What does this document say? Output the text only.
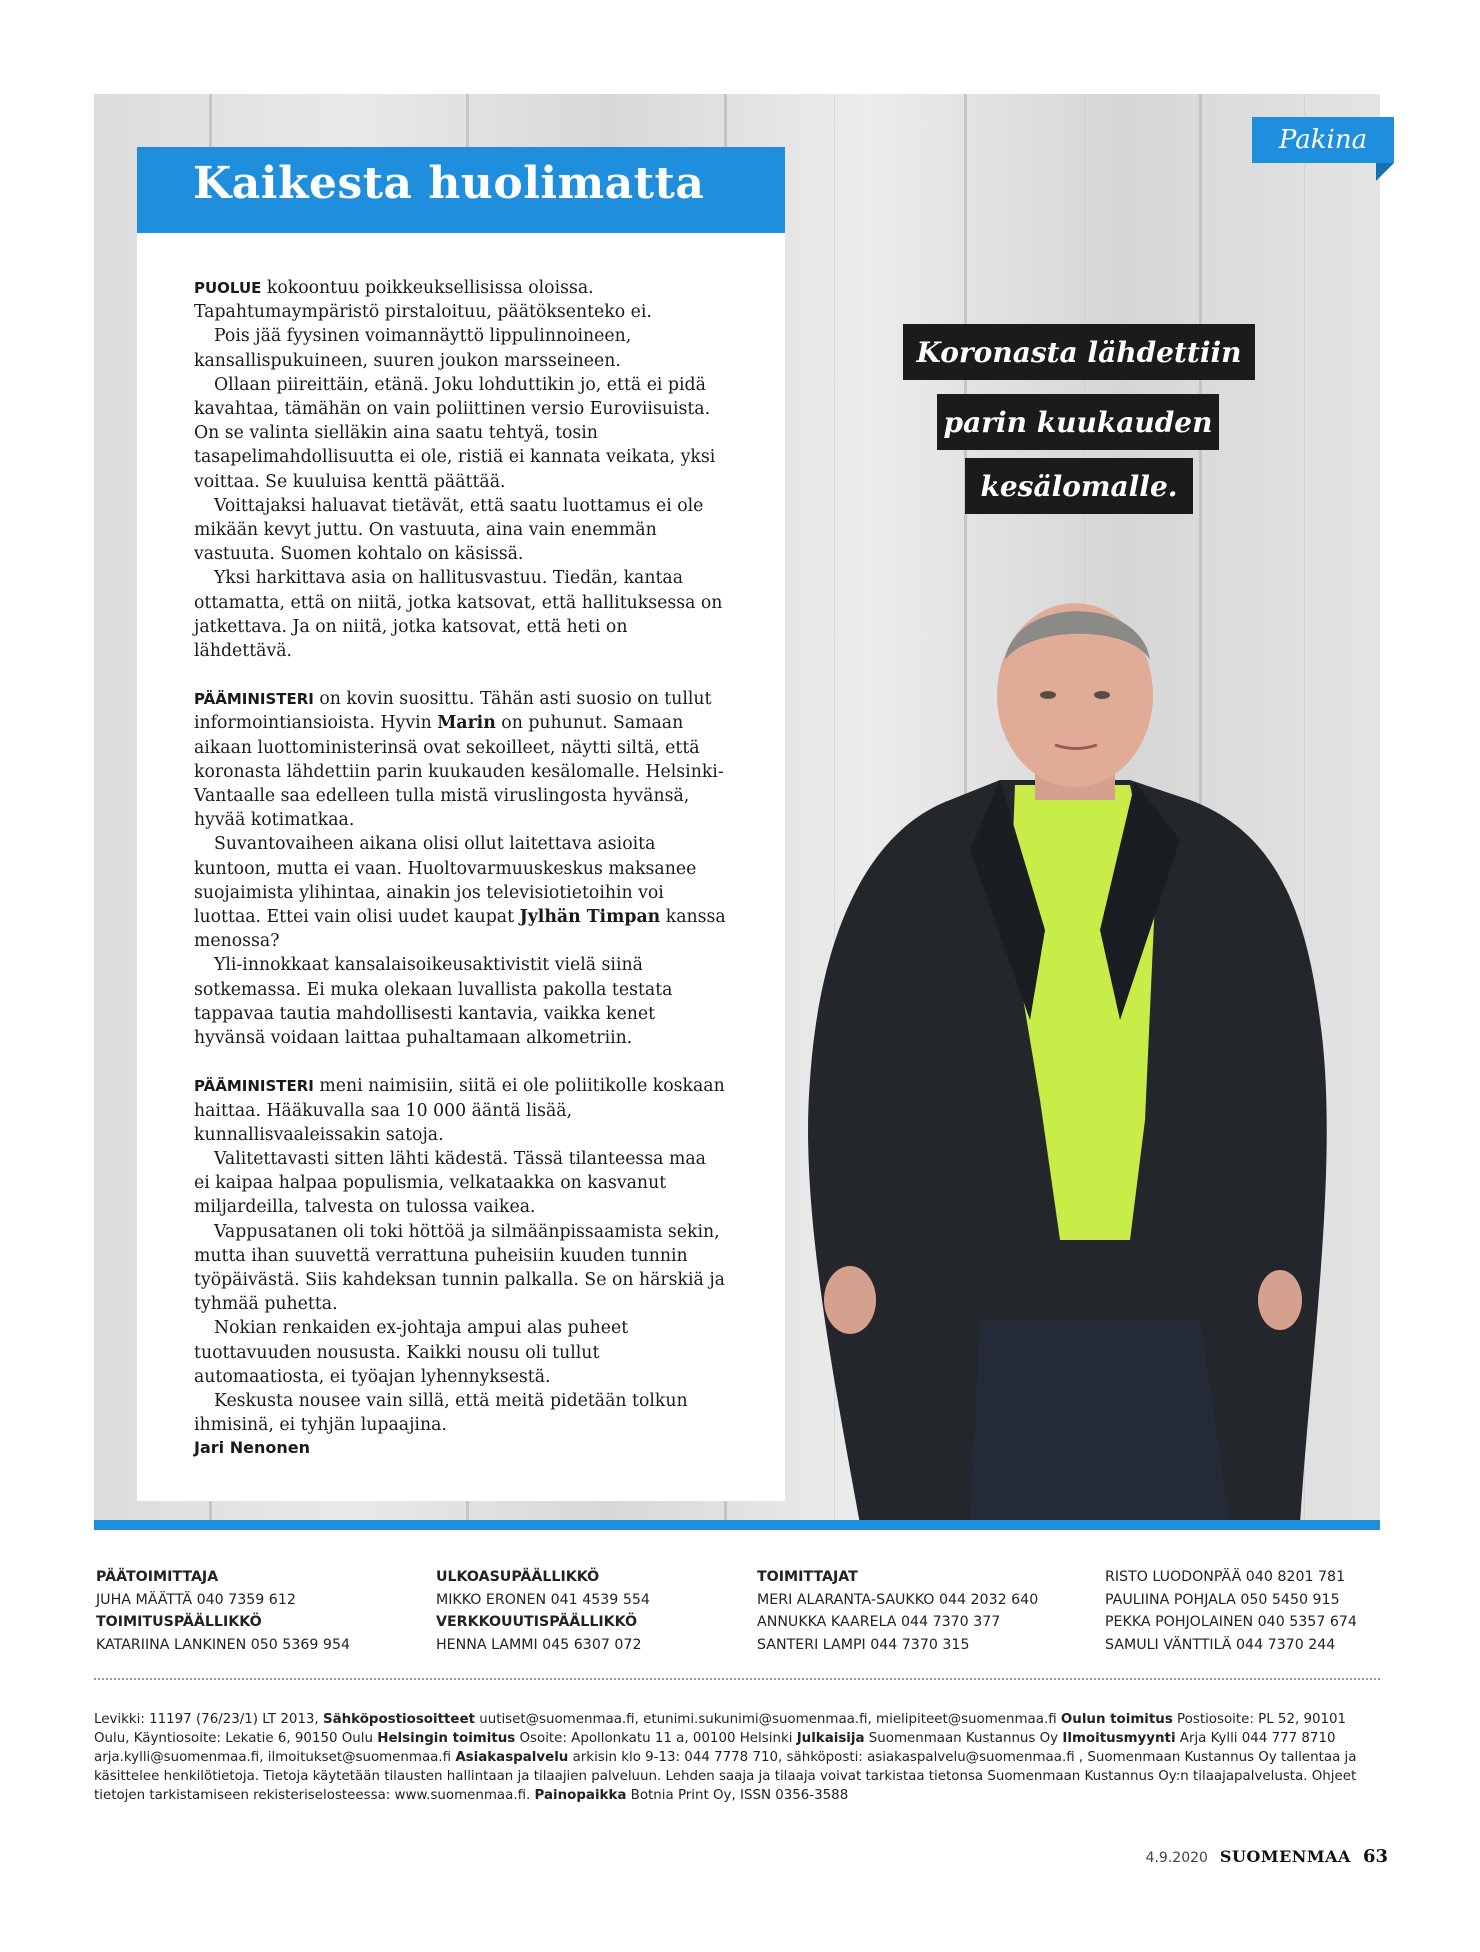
Pakina
Kaikesta huolimatta

PUOLUE kokoontuu poikkeuksellisissa oloissa. Tapahtumaympäristö pirstaloituu, päätöksenteko ei.

Pois jää fyysinen voimannäyttö lippulinnoineen, kansallispukuineen, suuren joukon marsseineen.

Ollaan piireittäin, etänä. Joku lohduttikin jo, että ei pidä kavahtaa, tämähän on vain poliittinen versio Euroviisuista. On se valinta sielläkin aina saatu tehtyä, tosin tasapelimahdollisuutta ei ole, ristiä ei kannata veikata, yksi voittaa. Se kuuluisa kenttä päättää.

Voittajaksi haluavat tietävät, että saatu luottamus ei ole mikään kevyt juttu. On vastuuta, aina vain enemmän vastuuta. Suomen kohtalo on käsissä.

Yksi harkittava asia on hallitusvastuu. Tiedän, kantaa ottamatta, että on niitä, jotka katsovat, että hallituksessa on jatkettava. Ja on niitä, jotka katsovat, että heti on lähdettävä.

PÄÄMINISTERI on kovin suosittu. Tähän asti suosio on tullut informointiansioista. Hyvin Marin on puhunut. Samaan aikaan luottoministerinsä ovat sekoilleet, näytti siltä, että koronasta lähdettiin parin kuukauden kesälomalle. Helsinki-Vantaalle saa edelleen tulla mistä viruslingosta hyvänsä, hyvää kotimatkaa.

Suvantovaiheen aikana olisi ollut laitettava asioita kuntoon, mutta ei vaan. Huoltovarmuuskeskus maksanee suojaimista ylihintaa, ainakin jos televisiotietoihin voi luottaa. Ettei vain olisi uudet kaupat Jylhän Timpan kanssa menossa?

Yli-innokkaat kansalaisoikeusaktivistit vielä siinä sotkemassa. Ei muka olekaan luvallista pakolla testata tappavaa tautia mahdollisesti kantavia, vaikka kenet hyvänsä voidaan laittaa puhaltamaan alkometriin.

PÄÄMINISTERI meni naimisiin, siitä ei ole poliitikolle koskaan haittaa. Hääkuvalla saa 10 000 ääntä lisää, kunnallisvaaleissakin satoja.

Valitettavasti sitten lähti kädestä. Tässä tilanteessa maa ei kaipaa halpaa populismia, velkataakka on kasvanut miljardeilla, talvesta on tulossa vaikea.

Vappusatanen oli toki höttöä ja silmäänpissaamista sekin, mutta ihan suuvettä verrattuna puheisiin kuuden tunnin työpäivästä. Siis kahdeksan tunnin palkalla. Se on härskiä ja tyhmää puhetta.

Nokian renkaiden ex-johtaja ampui alas puheet tuottavuuden noususta. Kaikki nousu oli tullut automaatiosta, ei työajan lyhennyksestä.

Keskusta nousee vain sillä, että meitä pidetään tolkun ihmisinä, ei tyhjän lupaajina.

Jari Nenonen
Koronasta lähdettiin
parin kuukauden
kesälomalle.
PÄÄTOIMITTAJA
JUHA MÄÄTTÄ 040 7359 612
TOIMITUSPÄÄLLIKKÖ
KATARIINA LANKINEN 050 5369 954
ULKOASUPÄÄLLIKKÖ
MIKKO ERONEN 041 4539 554
VERKKOUUTISPÄÄLLIKKÖ
HENNA LAMMI 045 6307 072
TOIMITTAJAT
MERI ALARANTA-SAUKKO 044 2032 640
ANNUKKA KAARELA 044 7370 377
SANTERI LAMPI 044 7370 315
RISTO LUODONPÄÄ 040 8201 781
PAULIINA POHJALA 050 5450 915
PEKKA POHJOLAINEN 040 5357 674
SAMULI VÄNTTILÄ 044 7370 244
Levikki: 11197 (76/23/1) LT 2013, Sähköpostiosoitteet uutiset@suomenmaa.fi, etunimi.sukunimi@suomenmaa.fi, mielipiteet@suomenmaa.fi Oulun toimitus Postiosoite: PL 52, 90101 Oulu, Käyntiosoite: Lekatie 6, 90150 Oulu Helsingin toimitus Osoite: Apollonkatu 11 a, 00100 Helsinki Julkaisija Suomenmaan Kustannus Oy Ilmoitusmyynti Arja Kylli 044 777 8710 arja.kylli@suomenmaa.fi, ilmoitukset@suomenmaa.fi Asiakaspalvelu arkisin klo 9-13: 044 7778 710, sähköposti: asiakaspalvelu@suomenmaa.fi , Suomenmaan Kustannus Oy tallentaa ja käsittelee henkilötietoja. Tietoja käytetään tilausten hallintaan ja tilaajien palveluun. Lehden saaja ja tilaaja voivat tarkistaa tietonsa Suomenmaan Kustannus Oy:n tilaajapalvelusta. Ohjeet tietojen tarkistamiseen rekisteriselosteessa: www.suomenmaa.fi. Painopaikka Botnia Print Oy, ISSN 0356-3588
4.9.2020 SUOMENMAA 63
